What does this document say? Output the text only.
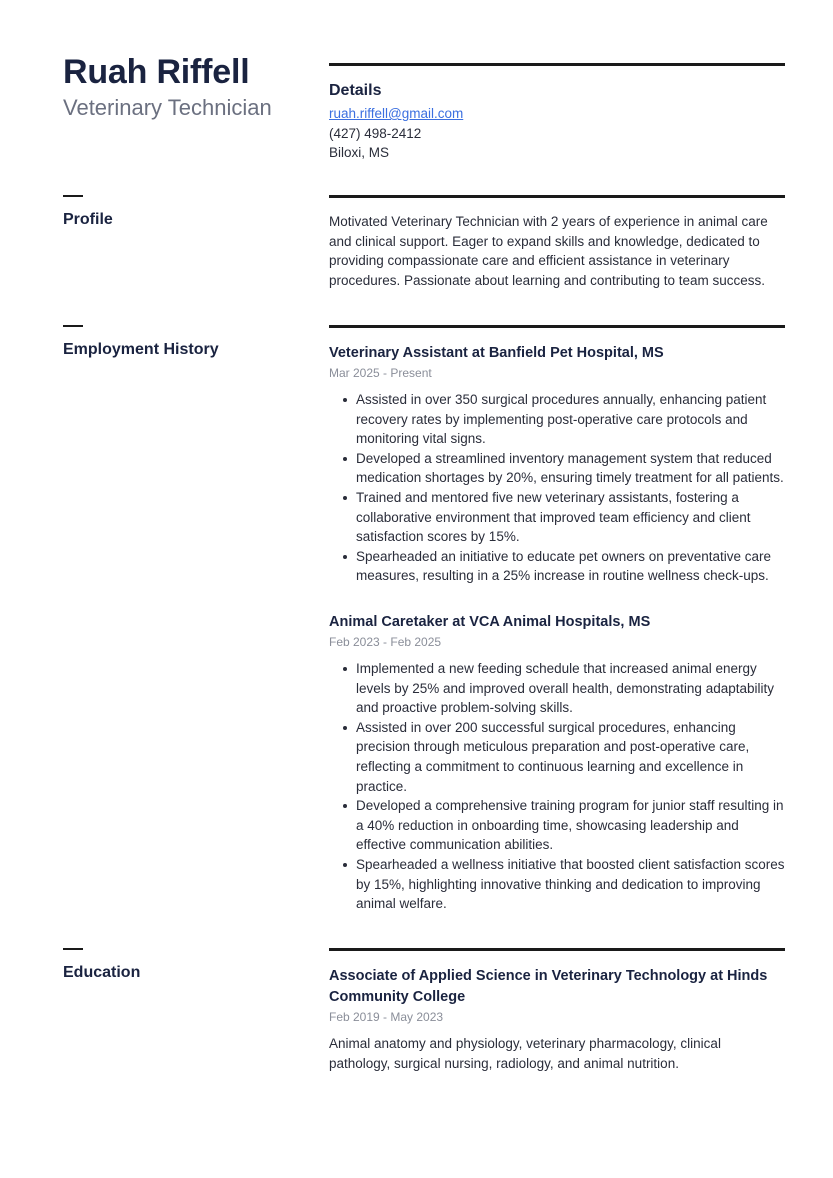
Ruah Riffell
Veterinary Technician
Details
ruah.riffell@gmail.com
(427) 498-2412
Biloxi, MS
Profile	Motivated Veterinary Technician with 2 years of experience in animal care and clinical support. Eager to expand skills and knowledge, dedicated to providing compassionate care and efficient assistance in veterinary procedures. Passionate about learning and contributing to team success.
Employment History	Veterinary Assistant at Banfield Pet Hospital, MS
Mar 2025 - Present
Assisted in over 350 surgical procedures annually, enhancing patient recovery rates by implementing post-operative care protocols and monitoring vital signs.
Developed a streamlined inventory management system that reduced medication shortages by 20%, ensuring timely treatment for all patients.
Trained and mentored five new veterinary assistants, fostering a collaborative environment that improved team efficiency and client satisfaction scores by 15%.
Spearheaded an initiative to educate pet owners on preventative care measures, resulting in a 25% increase in routine wellness check-ups.
Animal Caretaker at VCA Animal Hospitals, MS
Feb 2023 - Feb 2025
Implemented a new feeding schedule that increased animal energy levels by 25% and improved overall health, demonstrating adaptability and proactive problem-solving skills.
Assisted in over 200 successful surgical procedures, enhancing precision through meticulous preparation and post-operative care, reflecting a commitment to continuous learning and excellence in practice.
Developed a comprehensive training program for junior staff resulting in a 40% reduction in onboarding time, showcasing leadership and effective communication abilities.
Spearheaded a wellness initiative that boosted client satisfaction scores by 15%, highlighting innovative thinking and dedication to improving animal welfare.
Education	Associate of Applied Science in Veterinary Technology at Hinds Community College
Feb 2019 - May 2023
Animal anatomy and physiology, veterinary pharmacology, clinical pathology, surgical nursing, radiology, and animal nutrition.
